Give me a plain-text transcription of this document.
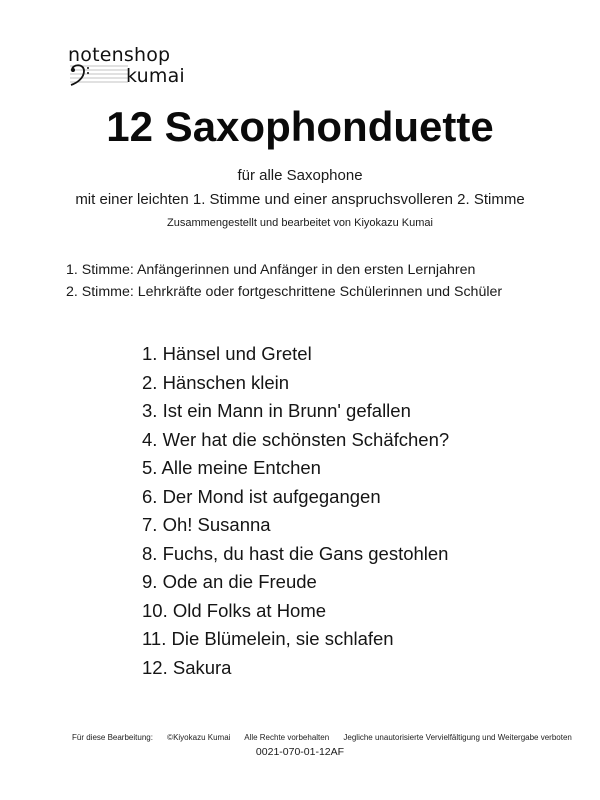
notenshop
kumai
12 Saxophonduette
für alle Saxophone
mit einer leichten 1. Stimme und einer anspruchsvolleren 2. Stimme
Zusammengestellt und bearbeitet von Kiyokazu Kumai
1. Stimme: Anfängerinnen und Anfänger in den ersten Lernjahren
2. Stimme: Lehrkräfte oder fortgeschrittene Schülerinnen und Schüler
1. Hänsel und Gretel
2. Hänschen klein
3. Ist ein Mann in Brunn' gefallen
4. Wer hat die schönsten Schäfchen?
5. Alle meine Entchen
6. Der Mond ist aufgegangen
7. Oh! Susanna
8. Fuchs, du hast die Gans gestohlen
9. Ode an die Freude
10. Old Folks at Home
11. Die Blümelein, sie schlafen
12. Sakura
Für diese Bearbeitung: ©Kiyokazu Kumai Alle Rechte vorbehalten Jegliche unautorisierte Vervielfältigung und Weitergabe verboten
0021-070-01-12AF
